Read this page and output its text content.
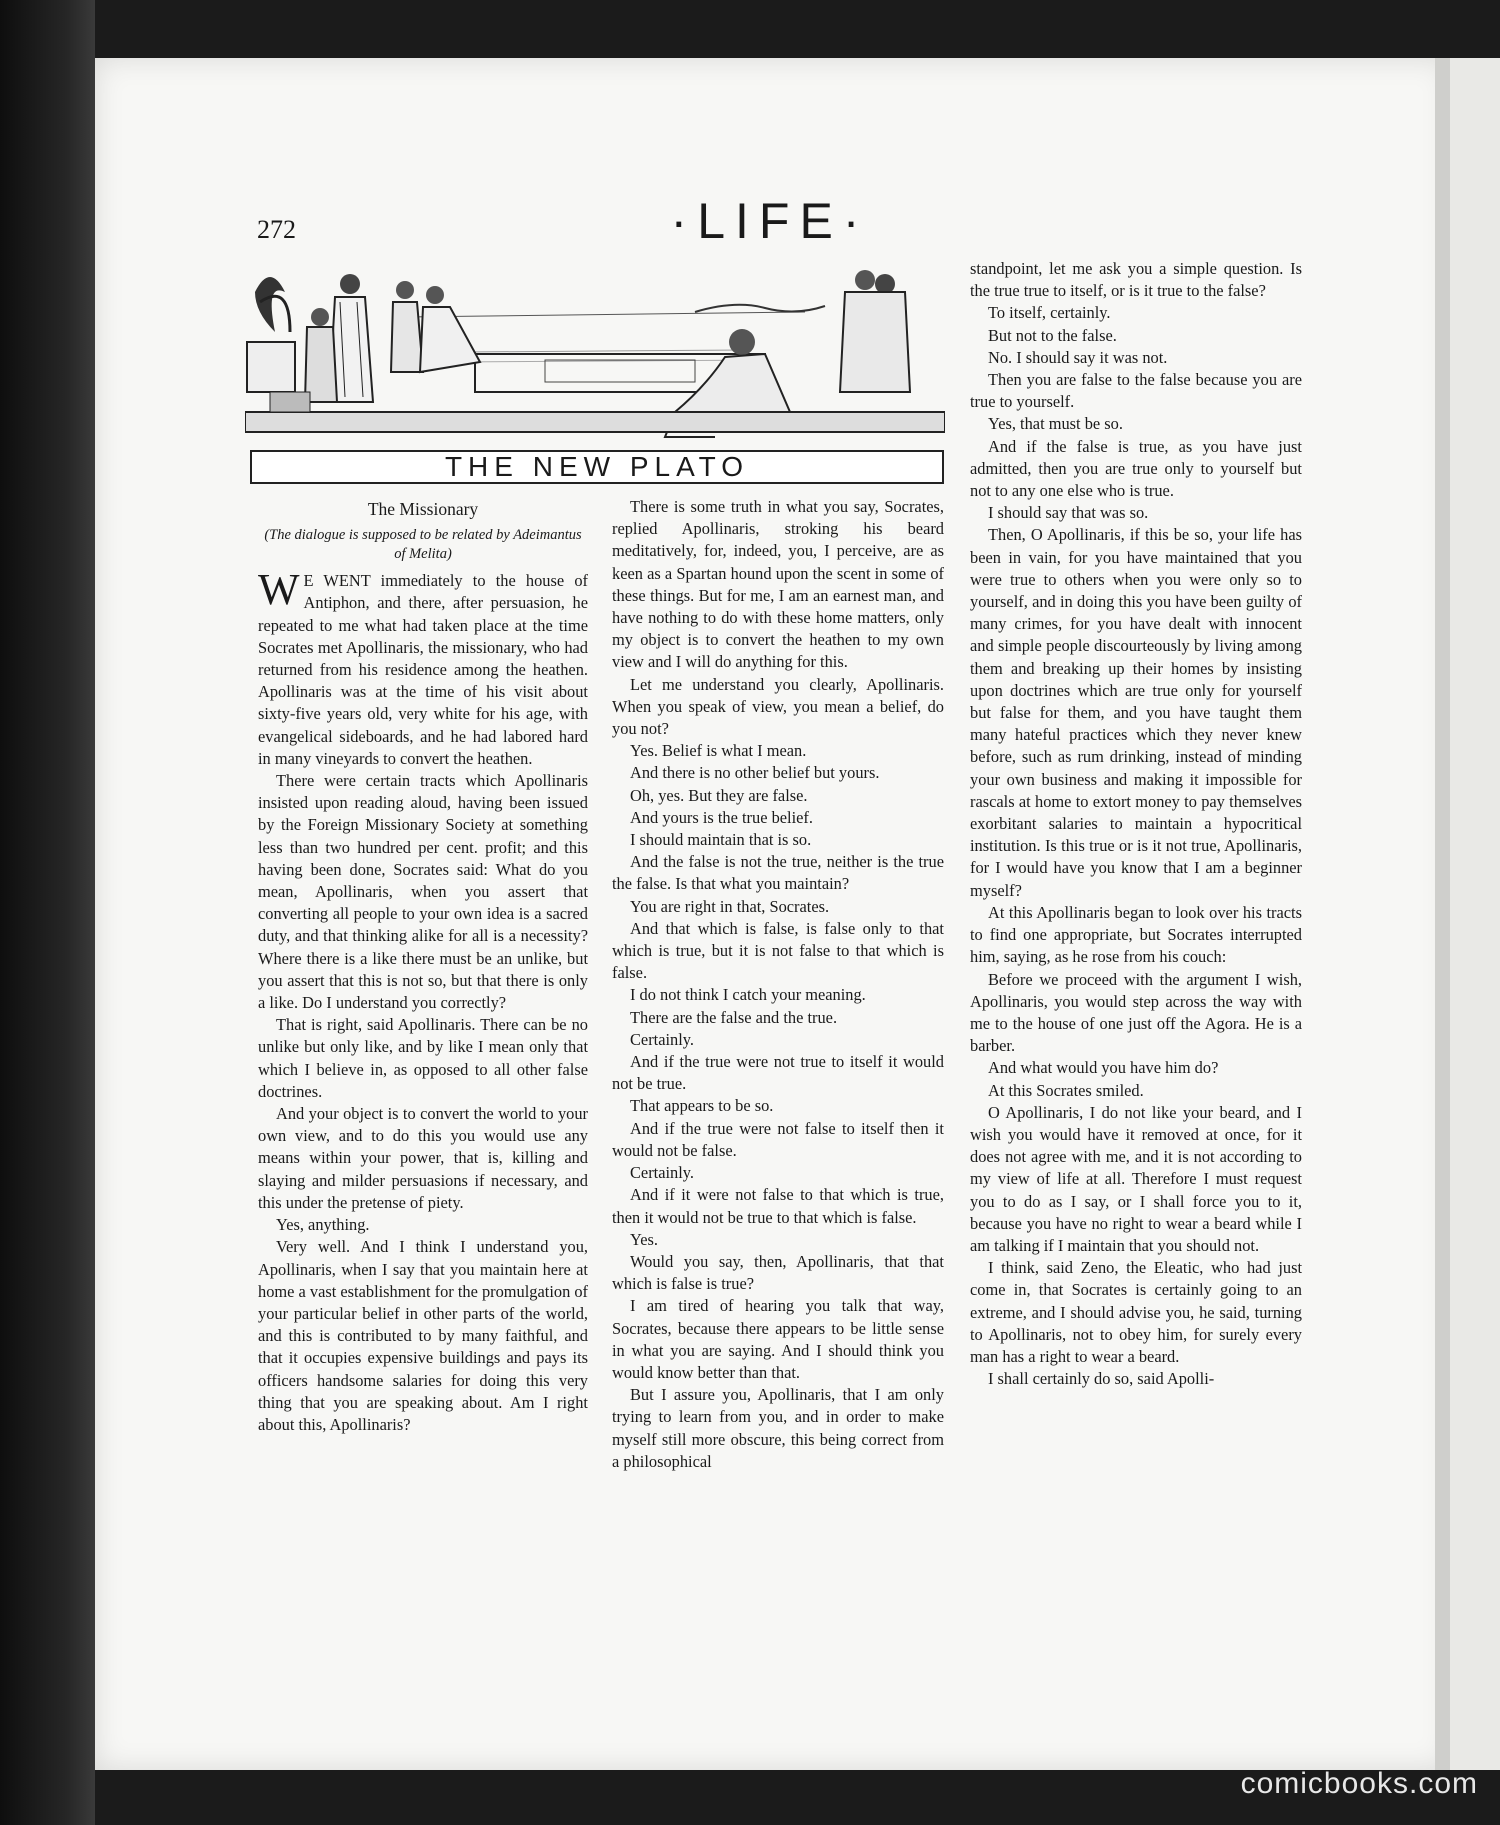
272	·LIFE·
THE NEW PLATO
The Missionary
(The dialogue is supposed to be related by Adeimantus of Melita)

W E WENT immediately to the house of Antiphon, and there, after persuasion, he repeated to me what had taken place at the time Socrates met Apollinaris, the missionary, who had returned from his residence among the heathen. Apollinaris was at the time of his visit about sixty-five years old, very white for his age, with evangelical sideboards, and he had labored hard in many vineyards to convert the heathen.

There were certain tracts which Apollinaris insisted upon reading aloud, having been issued by the Foreign Missionary Society at something less than two hundred per cent. profit; and this having been done, Socrates said: What do you mean, Apollinaris, when you assert that converting all people to your own idea is a sacred duty, and that thinking alike for all is a necessity? Where there is a like there must be an unlike, but you assert that this is not so, but that there is only a like. Do I understand you correctly?

That is right, said Apollinaris. There can be no unlike but only like, and by like I mean only that which I believe in, as opposed to all other false doctrines.

And your object is to convert the world to your own view, and to do this you would use any means within your power, that is, killing and slaying and milder persuasions if necessary, and this under the pretense of piety.

Yes, anything.

Very well. And I think I understand you, Apollinaris, when I say that you maintain here at home a vast establishment for the promulgation of your particular belief in other parts of the world, and this is contributed to by many faithful, and that it occupies expensive buildings and pays its officers handsome salaries for doing this very thing that you are speaking about. Am I right about this, Apollinaris?

There is some truth in what you say, Socrates, replied Apollinaris, stroking his beard meditatively, for, indeed, you, I perceive, are as keen as a Spartan hound upon the scent in some of these things. But for me, I am an earnest man, and have nothing to do with these home matters, only my object is to convert the heathen to my own view and I will do anything for this.

Let me understand you clearly, Apollinaris. When you speak of view, you mean a belief, do you not?

Yes. Belief is what I mean.

And there is no other belief but yours.

Oh, yes. But they are false.

And yours is the true belief.

I should maintain that is so.

And the false is not the true, neither is the true the false. Is that what you maintain?

You are right in that, Socrates.

And that which is false, is false only to that which is true, but it is not false to that which is false.

I do not think I catch your meaning.

There are the false and the true.

Certainly.

And if the true were not true to itself it would not be true.

That appears to be so.

And if the true were not false to itself then it would not be false.

Certainly.

And if it were not false to that which is true, then it would not be true to that which is false.

Yes.

Would you say, then, Apollinaris, that that which is false is true?

I am tired of hearing you talk that way, Socrates, because there appears to be little sense in what you are saying. And I should think you would know better than that.

But I assure you, Apollinaris, that I am only trying to learn from you, and in order to make myself still more obscure, this being correct from a philosophical

standpoint, let me ask you a simple question. Is the true true to itself, or is it true to the false?

To itself, certainly.

But not to the false.

No. I should say it was not.

Then you are false to the false because you are true to yourself.

Yes, that must be so.

And if the false is true, as you have just admitted, then you are true only to yourself but not to any one else who is true.

I should say that was so.

Then, O Apollinaris, if this be so, your life has been in vain, for you have maintained that you were true to others when you were only so to yourself, and in doing this you have been guilty of many crimes, for you have dealt with innocent and simple people discourteously by living among them and breaking up their homes by insisting upon doctrines which are true only for yourself but false for them, and you have taught them many hateful practices which they never knew before, such as rum drinking, instead of minding your own business and making it impossible for rascals at home to extort money to pay themselves exorbitant salaries to maintain a hypocritical institution. Is this true or is it not true, Apollinaris, for I would have you know that I am a beginner myself?

At this Apollinaris began to look over his tracts to find one appropriate, but Socrates interrupted him, saying, as he rose from his couch:

Before we proceed with the argument I wish, Apollinaris, you would step across the way with me to the house of one just off the Agora. He is a barber.

And what would you have him do?

At this Socrates smiled.

O Apollinaris, I do not like your beard, and I wish you would have it removed at once, for it does not agree with me, and it is not according to my view of life at all. Therefore I must request you to do as I say, or I shall force you to it, because you have no right to wear a beard while I am talking if I maintain that you should not.

I think, said Zeno, the Eleatic, who had just come in, that Socrates is certainly going to an extreme, and I should advise you, he said, turning to Apollinaris, not to obey him, for surely every man has a right to wear a beard.

I shall certainly do so, said Apolli-

comicbooks.com
